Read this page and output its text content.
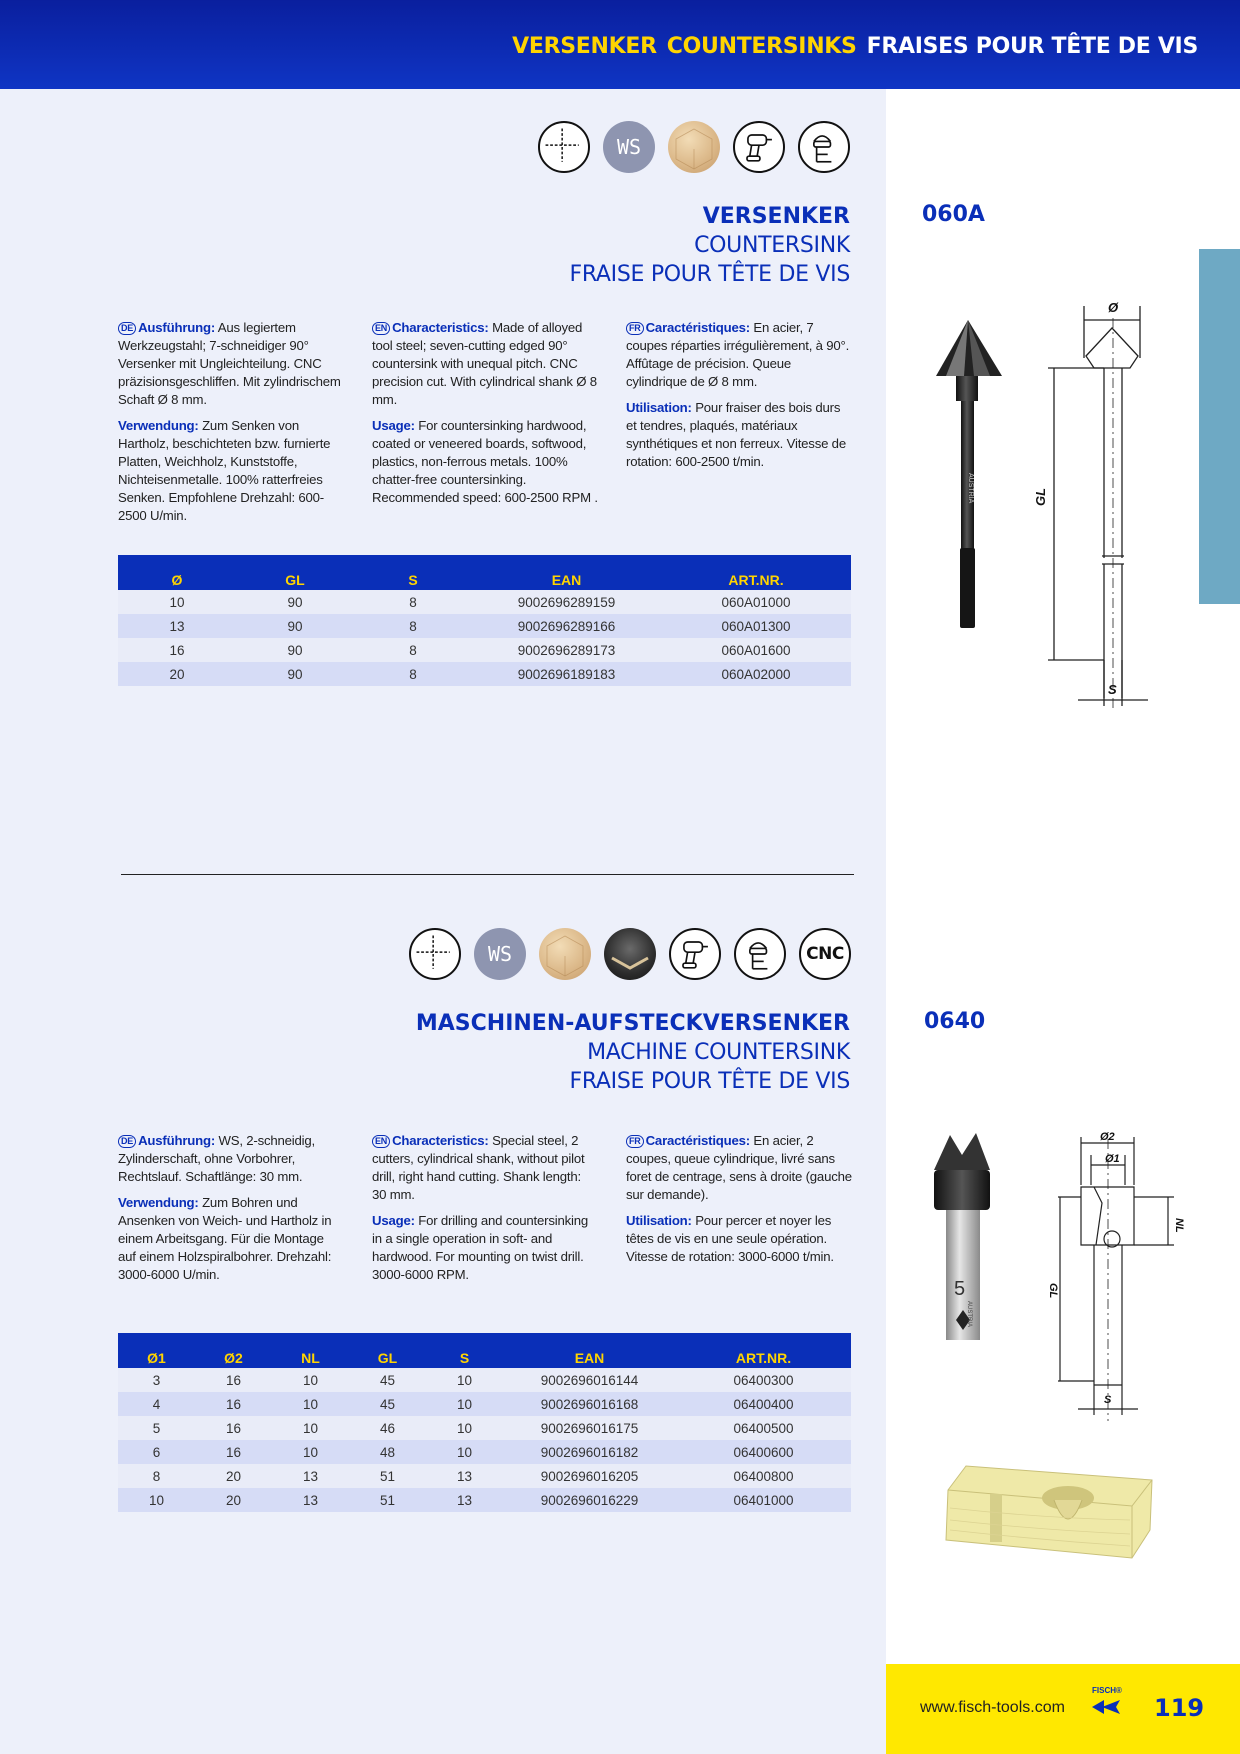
VERSENKER COUNTERSINKS FRAISES POUR TÊTE DE VIS
WS
VERSENKER
COUNTERSINK
FRAISE POUR TÊTE DE VIS
060A

DE Ausführung: Aus legiertem Werkzeugstahl; 7-schneidiger 90° Versenker mit Ungleichteilung. CNC präzisionsgeschliffen. Mit zylindrischem Schaft Ø 8 mm.

Verwendung: Zum Senken von Hartholz, beschichteten bzw. furnierte Platten, Weichholz, Kunststoffe, Nichteisenmetalle. 100% ratterfreies Senken. Empfohlene Drehzahl: 600-2500 U/min.

EN Characteristics: Made of alloyed tool steel; seven-cutting edged 90° countersink with unequal pitch. CNC precision cut. With cylindrical shank Ø 8 mm.

Usage: For countersinking hardwood, coated or veneered boards, softwood, plastics, non-ferrous metals. 100% chatter-free countersinking. Recommended speed: 600-2500 RPM .

FR Caractéristiques: En acier, 7 coupes réparties irrégulièrement, à 90°. Affûtage de précision. Queue cylindrique de Ø 8 mm.

Utilisation: Pour fraiser des bois durs et tendres, plaqués, matériaux synthétiques et non ferreux. Vitesse de rotation: 600-2500 t/min.

Ø	GL	S	EAN	ART.NR.
10	90	8	9002696289159	060A01000
13	90	8	9002696289166	060A01300
16	90	8	9002696289173	060A01600
20	90	8	9002696189183	060A02000
AUSTRIA
Ø
GL
S
WS	CNC
MASCHINEN-AUFSTECKVERSENKER
MACHINE COUNTERSINK
FRAISE POUR TÊTE DE VIS
0640

DE Ausführung: WS, 2-schneidig, Zylinderschaft, ohne Vorbohrer, Rechtslauf. Schaftlänge: 30 mm.

Verwendung: Zum Bohren und Ansenken von Weich- und Hartholz in einem Arbeitsgang. Für die Montage auf einem Holzspiralbohrer. Drehzahl: 3000-6000 U/min.

EN Characteristics: Special steel, 2 cutters, cylindrical shank, without pilot drill, right hand cutting. Shank length: 30 mm.

Usage: For drilling and countersinking in a single operation in soft- and hardwood. For mounting on twist drill. 3000-6000 RPM.

FR Caractéristiques: En acier, 2 coupes, queue cylindrique, livré sans foret de centrage, sens à droite (gauche sur demande).

Utilisation: Pour percer et noyer les têtes de vis en une seule opération. Vitesse de rotation: 3000-6000 t/min.

Ø1	Ø2	NL	GL	S	EAN	ART.NR.
3	16	10	45	10	9002696016144	06400300
4	16	10	45	10	9002696016168	06400400
5	16	10	46	10	9002696016175	06400500
6	16	10	48	10	9002696016182	06400600
8	20	13	51	13	9002696016205	06400800
10	20	13	51	13	9002696016229	06401000
5
AUSTRIA
Ø2
Ø1
NL
GL
S
www.fisch-tools.com
FISCH®
119
